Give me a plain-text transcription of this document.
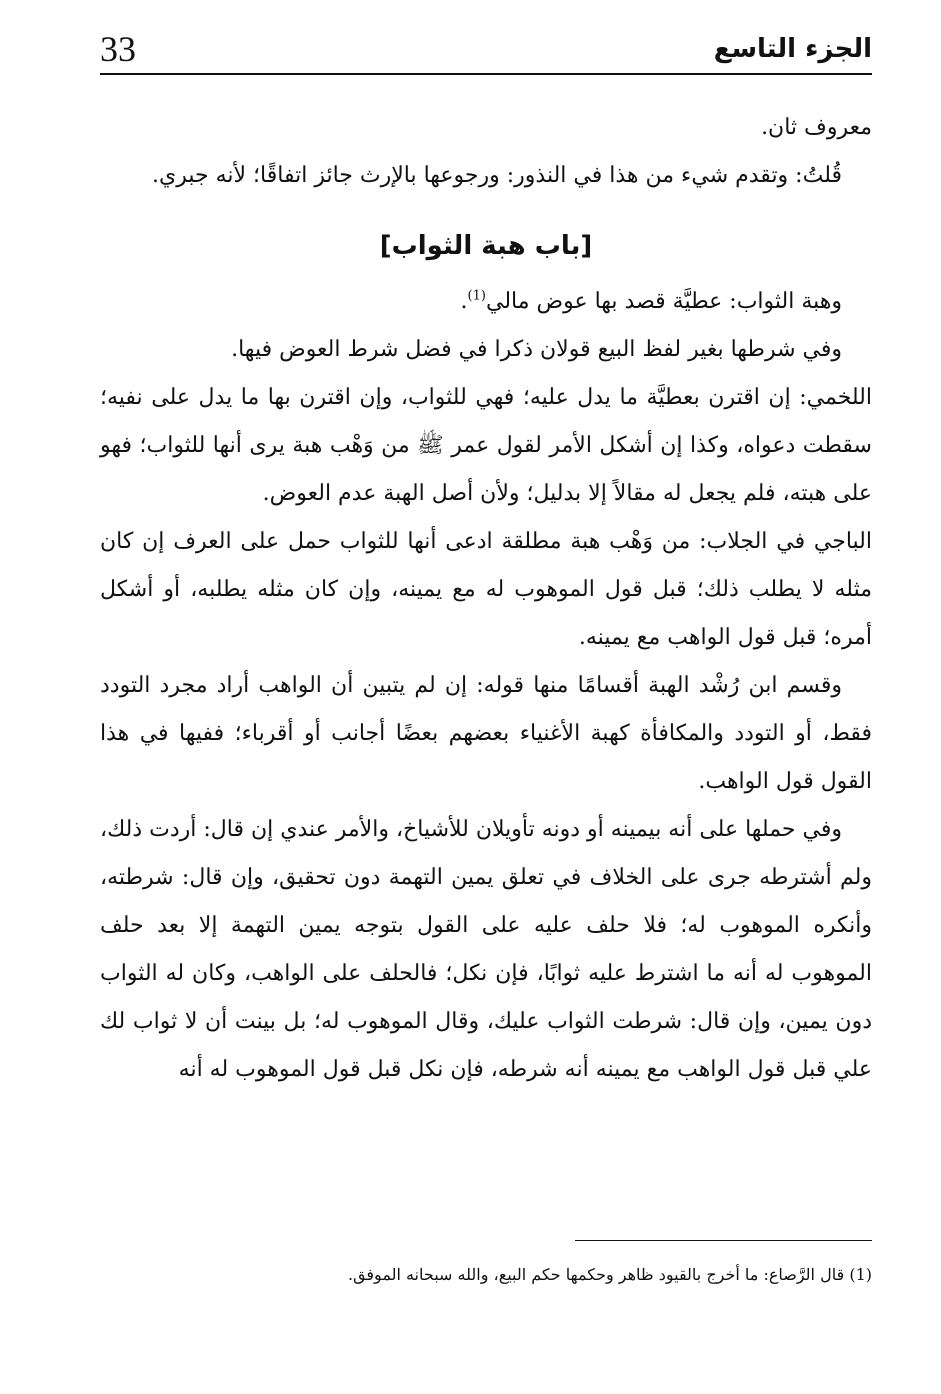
33	الجزء التاسع

معروف ثان.

قُلتُ: وتقدم شيء من هذا في النذور: ورجوعها بالإرث جائز اتفاقًا؛ لأنه جبري.

[باب هبة الثواب]

وهبة الثواب: عطيَّة قصد بها عوض مالي$^{(1)}$.

وفي شرطها بغير لفظ البيع قولان ذكرا في فضل شرط العوض فيها.

اللخمي: إن اقترن بعطيَّة ما يدل عليه؛ فهي للثواب، وإن اقترن بها ما يدل على نفيه؛ سقطت دعواه، وكذا إن أشكل الأمر لقول عمر ﷺ من وَهْب هبة يرى أنها للثواب؛ فهو على هبته، فلم يجعل له مقالاً إلا بدليل؛ ولأن أصل الهبة عدم العوض.

الباجي في الجلاب: من وَهْب هبة مطلقة ادعى أنها للثواب حمل على العرف إن كان مثله لا يطلب ذلك؛ قبل قول الموهوب له مع يمينه، وإن كان مثله يطلبه، أو أشكل أمره؛ قبل قول الواهب مع يمينه.

وقسم ابن رُشْد الهبة أقسامًا منها قوله: إن لم يتبين أن الواهب أراد مجرد التودد فقط، أو التودد والمكافأة كهبة الأغنياء بعضهم بعضًا أجانب أو أقرباء؛ ففيها في هذا القول قول الواهب.

وفي حملها على أنه بيمينه أو دونه تأويلان للأشياخ، والأمر عندي إن قال: أردت ذلك، ولم أشترطه جرى على الخلاف في تعلق يمين التهمة دون تحقيق، وإن قال: شرطته، وأنكره الموهوب له؛ فلا حلف عليه على القول بتوجه يمين التهمة إلا بعد حلف الموهوب له أنه ما اشترط عليه ثوابًا، فإن نكل؛ فالحلف على الواهب، وكان له الثواب دون يمين، وإن قال: شرطت الثواب عليك، وقال الموهوب له؛ بل بينت أن لا ثواب لك علي قبل قول الواهب مع يمينه أنه شرطه، فإن نكل قبل قول الموهوب له أنه

(1) قال الرَّصاع: ما أخرج بالقيود ظاهر وحكمها حكم البيع، والله سبحانه الموفق.
